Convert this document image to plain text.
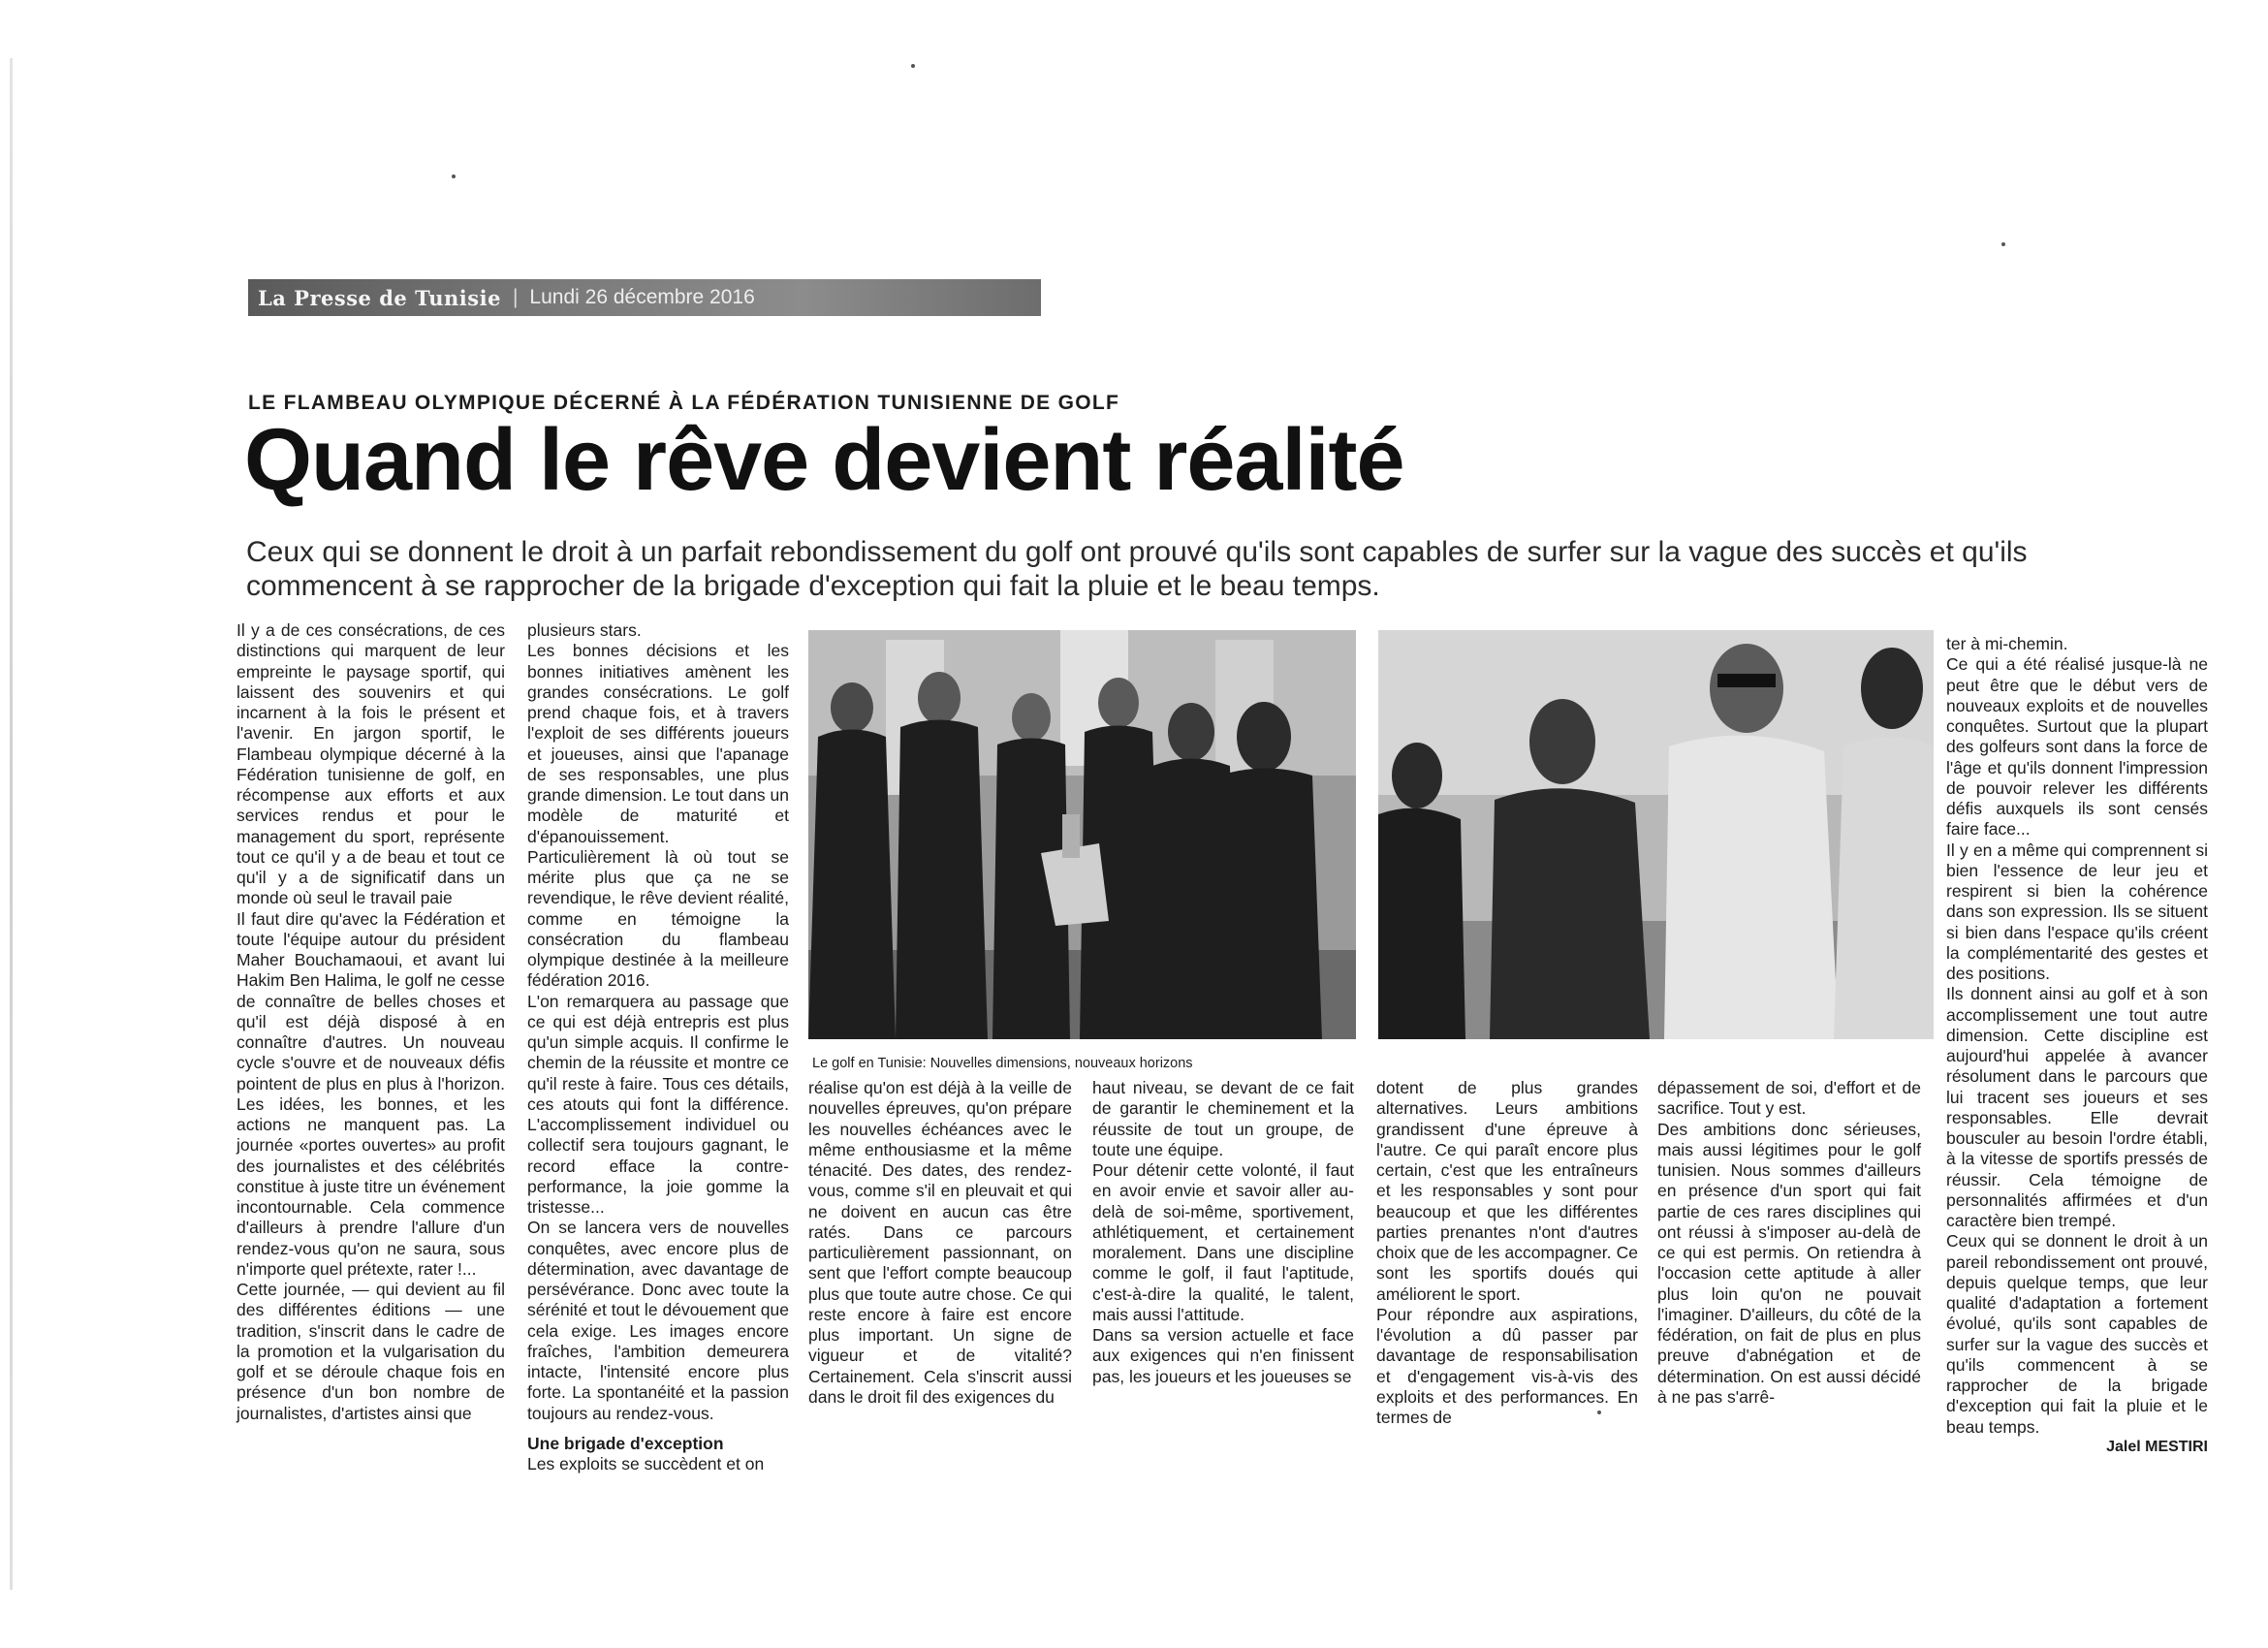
La Presse de Tunisie | Lundi 26 décembre 2016
LE FLAMBEAU OLYMPIQUE DÉCERNÉ À LA FÉDÉRATION TUNISIENNE DE GOLF
Quand le rêve devient réalité
Ceux qui se donnent le droit à un parfait rebondissement du golf ont prouvé qu'ils sont capables de surfer sur la vague des succès et qu'ils commencent à se rapprocher de la brigade d'exception qui fait la pluie et le beau temps.

Il y a de ces consécrations, de ces distinctions qui marquent de leur empreinte le paysage sportif, qui laissent des souvenirs et qui incarnent à la fois le présent et l'avenir. En jargon sportif, le Flambeau olympique décerné à la Fédération tunisienne de golf, en récompense aux efforts et aux services rendus et pour le management du sport, représente tout ce qu'il y a de beau et tout ce qu'il y a de significatif dans un monde où seul le travail paie

Il faut dire qu'avec la Fédération et toute l'équipe autour du président Maher Bouchamaoui, et avant lui Hakim Ben Halima, le golf ne cesse de connaître de belles choses et qu'il est déjà disposé à en connaître d'autres. Un nouveau cycle s'ouvre et de nouveaux défis pointent de plus en plus à l'horizon. Les idées, les bonnes, et les actions ne manquent pas. La journée «portes ouvertes» au profit des journalistes et des célébrités constitue à juste titre un événement incontournable. Cela commence d'ailleurs à prendre l'allure d'un rendez-vous qu'on ne saura, sous n'importe quel prétexte, rater !...

Cette journée, — qui devient au fil des différentes éditions — une tradition, s'inscrit dans le cadre de la promotion et la vulgarisation du golf et se déroule chaque fois en présence d'un bon nombre de journalistes, d'artistes ainsi que

plusieurs stars.

Les bonnes décisions et les bonnes initiatives amènent les grandes consécrations. Le golf prend chaque fois, et à travers l'exploit de ses différents joueurs et joueuses, ainsi que l'apanage de ses responsables, une plus grande dimension. Le tout dans un modèle de maturité et d'épanouissement. Particulièrement là où tout se mérite plus que ça ne se revendique, le rêve devient réalité, comme en témoigne la consécration du flambeau olympique destinée à la meilleure fédération 2016.

L'on remarquera au passage que ce qui est déjà entrepris est plus qu'un simple acquis. Il confirme le chemin de la réussite et montre ce qu'il reste à faire. Tous ces détails, ces atouts qui font la différence. L'accomplissement individuel ou collectif sera toujours gagnant, le record efface la contre-performance, la joie gomme la tristesse...

On se lancera vers de nouvelles conquêtes, avec encore plus de détermination, avec davantage de persévérance. Donc avec toute la sérénité et tout le dévouement que cela exige. Les images encore fraîches, l'ambition demeurera intacte, l'intensité encore plus forte. La spontanéité et la passion toujours au rendez-vous.

Une brigade d'exception

Les exploits se succèdent et on

Le golf en Tunisie: Nouvelles dimensions, nouveaux horizons

réalise qu'on est déjà à la veille de nouvelles épreuves, qu'on prépare les nouvelles échéances avec le même enthousiasme et la même ténacité. Des dates, des rendez-vous, comme s'il en pleuvait et qui ne doivent en aucun cas être ratés. Dans ce parcours particulièrement passionnant, on sent que l'effort compte beaucoup plus que toute autre chose. Ce qui reste encore à faire est encore plus important. Un signe de vigueur et de vitalité? Certainement. Cela s'inscrit aussi dans le droit fil des exigences du

haut niveau, se devant de ce fait de garantir le cheminement et la réussite de tout un groupe, de toute une équipe.

Pour détenir cette volonté, il faut en avoir envie et savoir aller au-delà de soi-même, sportivement, athlétiquement, et certainement moralement. Dans une discipline comme le golf, il faut l'aptitude, c'est-à-dire la qualité, le talent, mais aussi l'attitude.

Dans sa version actuelle et face aux exigences qui n'en finissent pas, les joueurs et les joueuses se

dotent de plus grandes alternatives. Leurs ambitions grandissent d'une épreuve à l'autre. Ce qui paraît encore plus certain, c'est que les entraîneurs et les responsables y sont pour beaucoup et que les différentes parties prenantes n'ont d'autres choix que de les accompagner. Ce sont les sportifs doués qui améliorent le sport.

Pour répondre aux aspirations, l'évolution a dû passer par davantage de responsabilisation et d'engagement vis-à-vis des exploits et des performances. En termes de

dépassement de soi, d'effort et de sacrifice. Tout y est.

Des ambitions donc sérieuses, mais aussi légitimes pour le golf tunisien. Nous sommes d'ailleurs en présence d'un sport qui fait partie de ces rares disciplines qui ont réussi à s'imposer au-delà de ce qui est permis. On retiendra à l'occasion cette aptitude à aller plus loin qu'on ne pouvait l'imaginer. D'ailleurs, du côté de la fédération, on fait de plus en plus preuve d'abnégation et de détermination. On est aussi décidé à ne pas s'arrê-

ter à mi-chemin.

Ce qui a été réalisé jusque-là ne peut être que le début vers de nouveaux exploits et de nouvelles conquêtes. Surtout que la plupart des golfeurs sont dans la force de l'âge et qu'ils donnent l'impression de pouvoir relever les différents défis auxquels ils sont censés faire face...

Il y en a même qui comprennent si bien l'essence de leur jeu et respirent si bien la cohérence dans son expression. Ils se situent si bien dans l'espace qu'ils créent la complémentarité des gestes et des positions.

Ils donnent ainsi au golf et à son accomplissement une tout autre dimension. Cette discipline est aujourd'hui appelée à avancer résolument dans le parcours que lui tracent ses joueurs et ses responsables. Elle devrait bousculer au besoin l'ordre établi, à la vitesse de sportifs pressés de réussir. Cela témoigne de personnalités affirmées et d'un caractère bien trempé.

Ceux qui se donnent le droit à un pareil rebondissement ont prouvé, depuis quelque temps, que leur qualité d'adaptation a fortement évolué, qu'ils sont capables de surfer sur la vague des succès et qu'ils commencent à se rapprocher de la brigade d'exception qui fait la pluie et le beau temps.

Jalel MESTIRI
